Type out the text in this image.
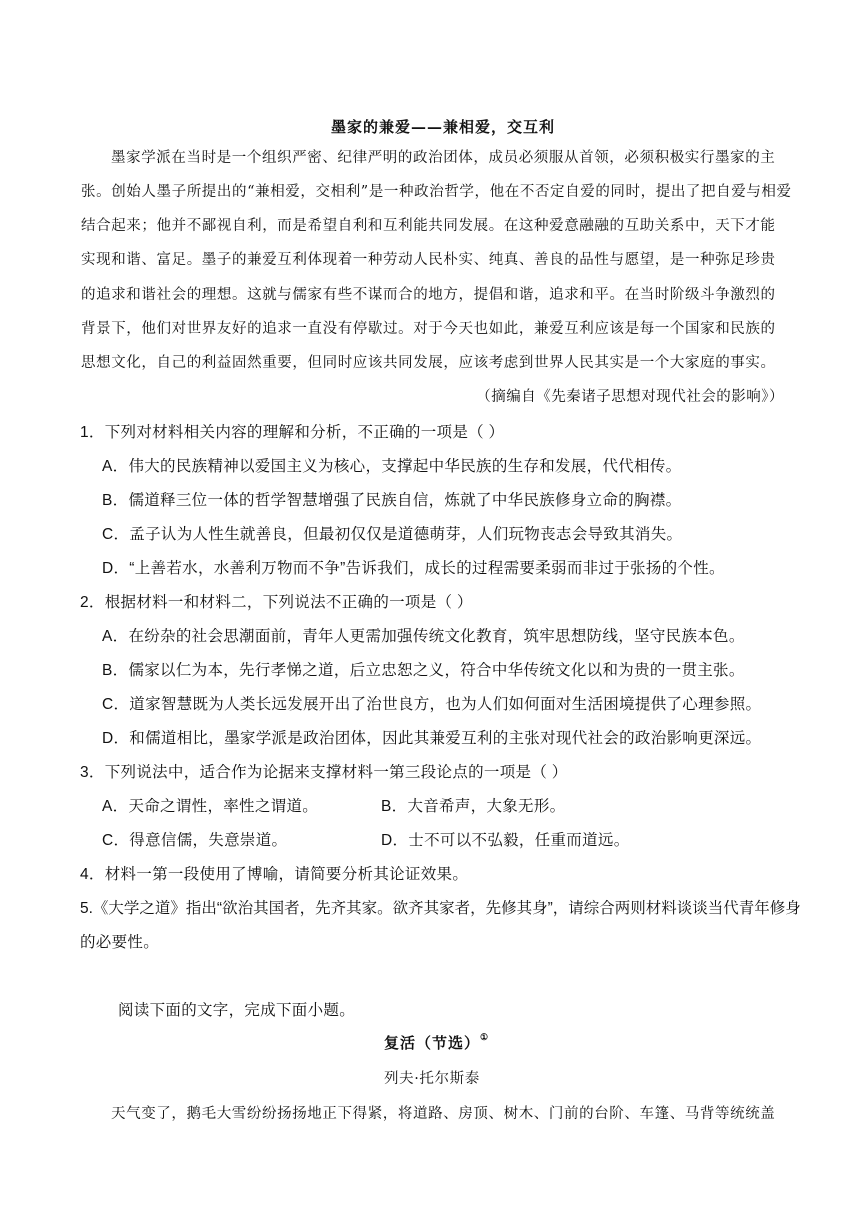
墨家的兼爱——兼相爱，交互利
墨家学派在当时是一个组织严密、纪律严明的政治团体，成员必须服从首领，必须积极实行墨家的主
张。创始人墨子所提出的“兼相爱，交相利”是一种政治哲学，他在不否定自爱的同时，提出了把自爱与相爱
结合起来；他并不鄙视自利，而是希望自利和互利能共同发展。在这种爱意融融的互助关系中，天下才能
实现和谐、富足。墨子的兼爱互利体现着一种劳动人民朴实、纯真、善良的品性与愿望，是一种弥足珍贵
的追求和谐社会的理想。这就与儒家有些不谋而合的地方，提倡和谐，追求和平。在当时阶级斗争激烈的
背景下，他们对世界友好的追求一直没有停歇过。对于今天也如此，兼爱互利应该是每一个国家和民族的
思想文化，自己的利益固然重要，但同时应该共同发展，应该考虑到世界人民其实是一个大家庭的事实。
（摘编自《先秦诸子思想对现代社会的影响》）
1．下列对材料相关内容的理解和分析，不正确的一项是（ ）
A．伟大的民族精神以爱国主义为核心，支撑起中华民族的生存和发展，代代相传。
B．儒道释三位一体的哲学智慧增强了民族自信，炼就了中华民族修身立命的胸襟。
C．孟子认为人性生就善良，但最初仅仅是道德萌芽，人们玩物丧志会导致其消失。
D．“上善若水，水善利万物而不争”告诉我们，成长的过程需要柔弱而非过于张扬的个性。
2．根据材料一和材料二，下列说法不正确的一项是（ ）
A．在纷杂的社会思潮面前，青年人更需加强传统文化教育，筑牢思想防线，坚守民族本色。
B．儒家以仁为本，先行孝悌之道，后立忠恕之义，符合中华传统文化以和为贵的一贯主张。
C．道家智慧既为人类长远发展开出了治世良方，也为人们如何面对生活困境提供了心理参照。
D．和儒道相比，墨家学派是政治团体，因此其兼爱互利的主张对现代社会的政治影响更深远。
3．下列说法中，适合作为论据来支撑材料一第三段论点的一项是（ ）
A．天命之谓性，率性之谓道。	B．大音希声，大象无形。
C．得意信儒，失意崇道。	D．士不可以不弘毅，任重而道远。
4．材料一第一段使用了博喻，请简要分析其论证效果。
5.《大学之道》指出“欲治其国者，先齐其家。欲齐其家者，先修其身”，请综合两则材料谈谈当代青年修身
的必要性。
阅读下面的文字，完成下面小题。
复活（节选）①
列夫·托尔斯泰
天气变了，鹅毛大雪纷纷扬扬地正下得紧，将道路、房顶、树木、门前的台阶、车篷、马背等统统盖
